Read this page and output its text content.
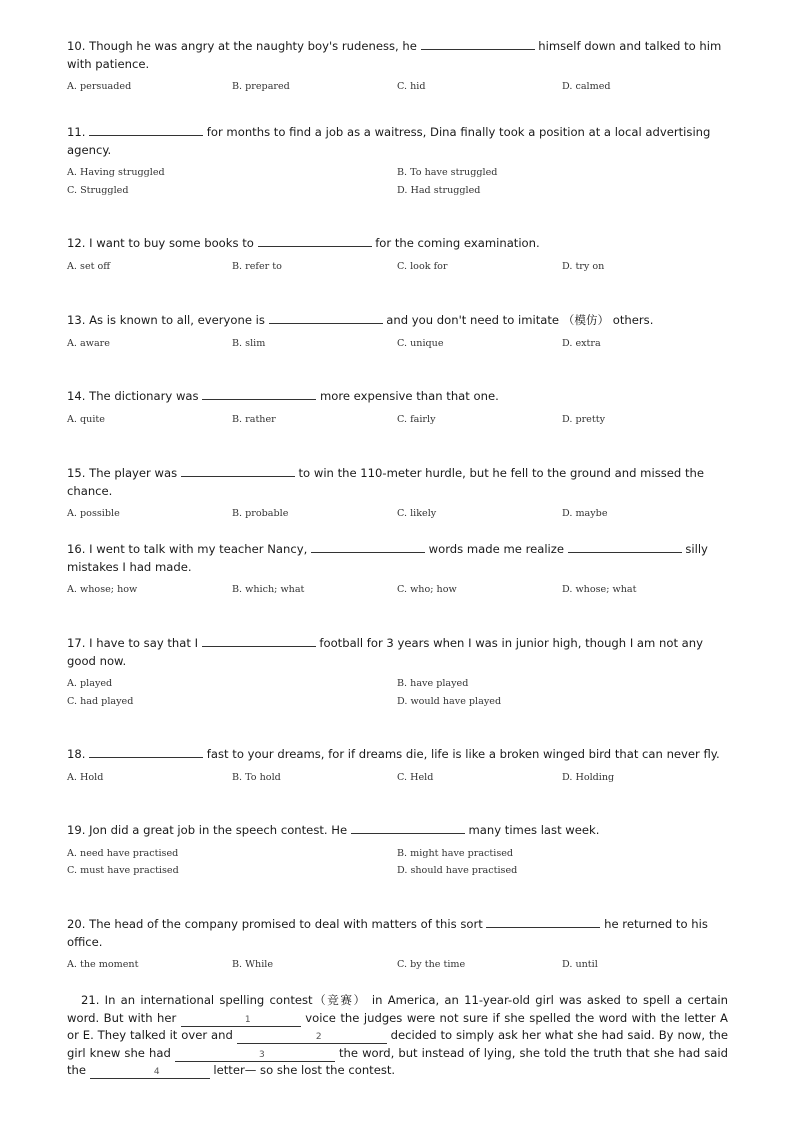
10. Though he was angry at the naughty boy's rudeness, he	himself down and talked to him with patience.

A. persuaded	B. prepared	C. hid	D. calmed

11.	for months to find a job as a waitress, Dina finally took a position at a local advertising agency.

A. Having struggled	B. To have struggled
C. Struggled	D. Had struggled

12. I want to buy some books to	for the coming examination.

A. set off	B. refer to	C. look for	D. try on

13. As is known to all, everyone is	and you don't need to imitate （模仿） others.

A. aware	B. slim	C. unique	D. extra

14. The dictionary was	more expensive than that one.

A. quite	B. rather	C. fairly	D. pretty

15. The player was	to win the 110-meter hurdle, but he fell to the ground and missed the chance.

A. possible	B. probable	C. likely	D. maybe

16. I went to talk with my teacher Nancy,	words made me realize	silly mistakes I had made.

A. whose; how	B. which; what	C. who; how	D. whose; what

17. I have to say that I	football for 3 years when I was in junior high, though I am not any good now.

A. played	B. have played
C. had played	D. would have played

18.	fast to your dreams, for if dreams die, life is like a broken winged bird that can never fly.

A. Hold	B. To hold	C. Held	D. Holding

19. Jon did a great job in the speech contest. He	many times last week.

A. need have practised	B. might have practised
C. must have practised	D. should have practised

20. The head of the company promised to deal with matters of this sort	he returned to his office.

A. the moment	B. While	C. by the time	D. until
21. In an international spelling contest（竞赛） in America, an 11-year-old girl was asked to spell a certain word. But with her	1	voice the judges were not sure if she spelled the word with the letter A or E. They talked it over and	2	decided to simply ask her what she had said. By now, the girl knew she had	3	the word, but instead of lying, she told the truth that she had said the	4	letter— so she lost the contest.
